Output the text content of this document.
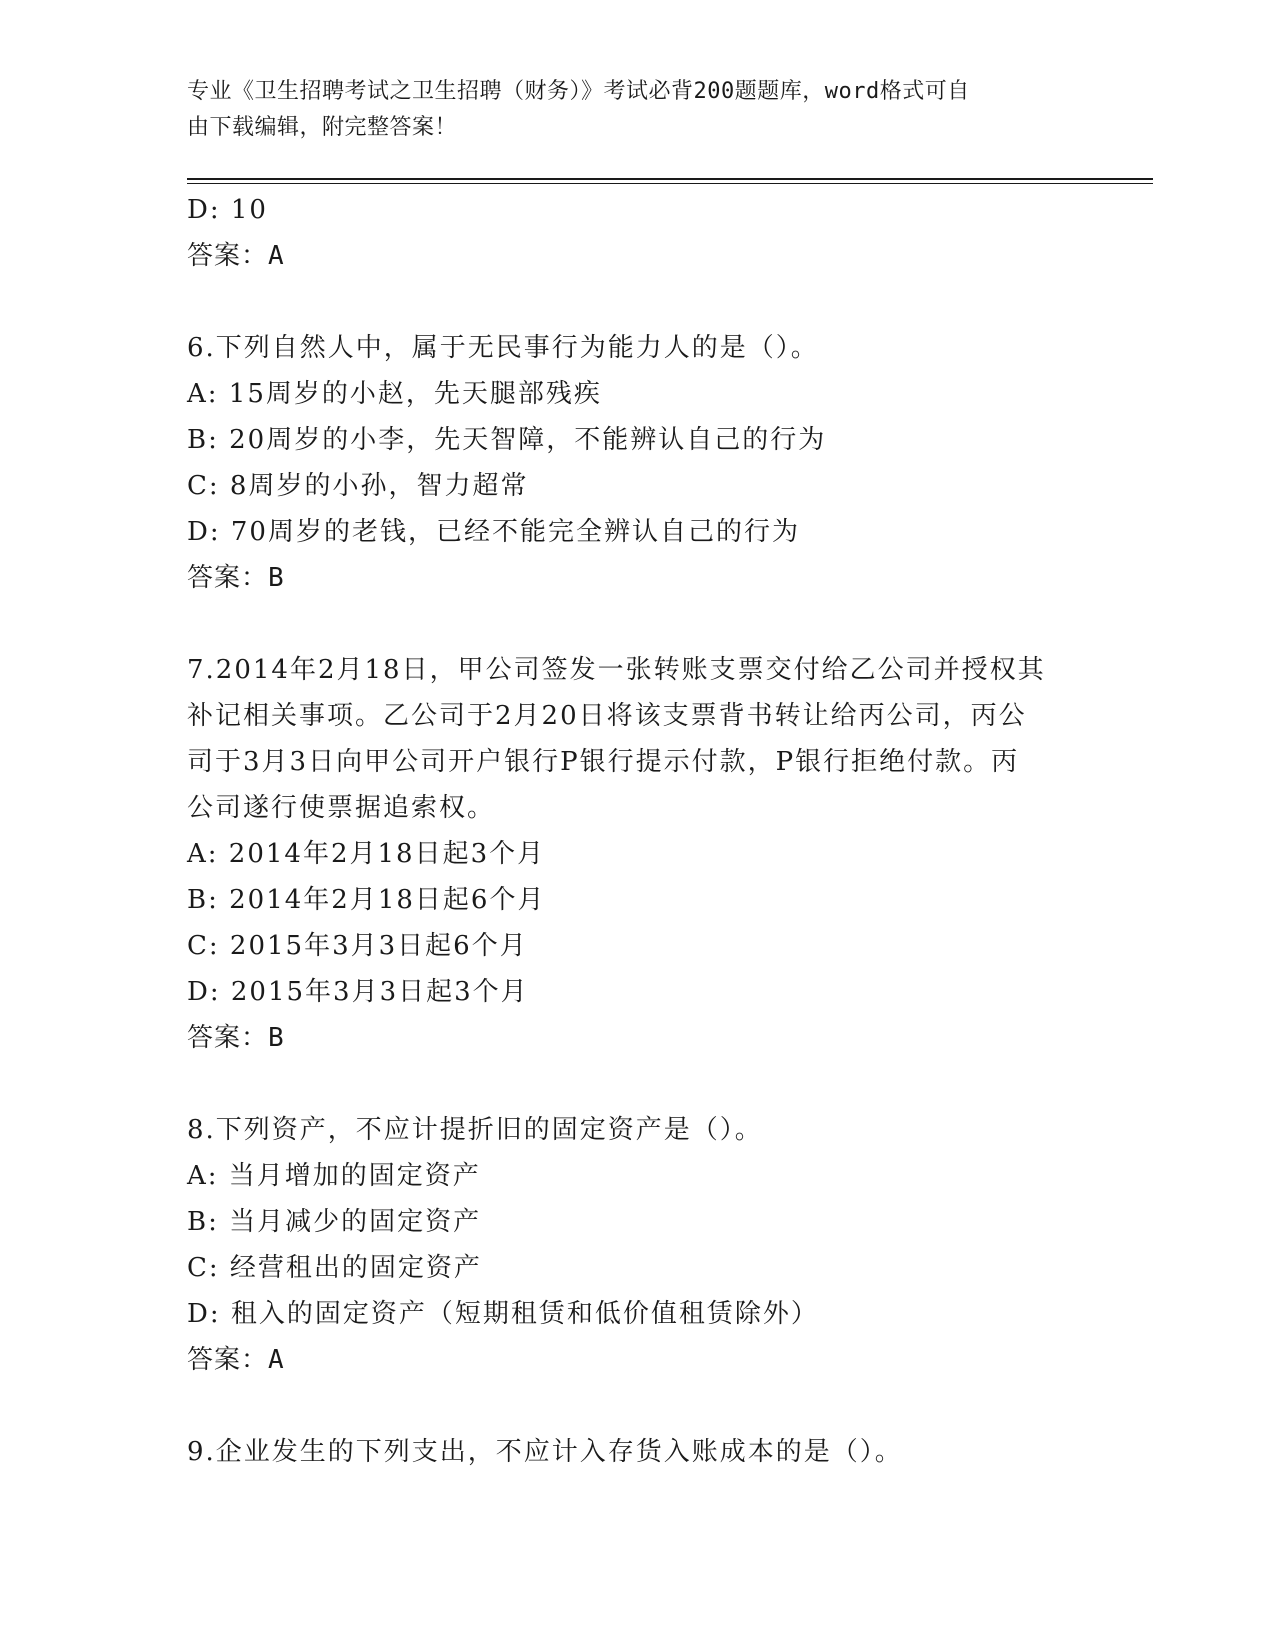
专业《卫生招聘考试之卫生招聘（财务）》考试必背200题题库，word格式可自
由下载编辑，附完整答案！
D: 10
答案：A
6.下列自然人中，属于无民事行为能力人的是（）。
A: 15周岁的小赵，先天腿部残疾
B: 20周岁的小李，先天智障，不能辨认自己的行为
C: 8周岁的小孙，智力超常
D: 70周岁的老钱，已经不能完全辨认自己的行为
答案：B
7.2014年2月18日，甲公司签发一张转账支票交付给乙公司并授权其
补记相关事项。乙公司于2月20日将该支票背书转让给丙公司，丙公
司于3月3日向甲公司开户银行P银行提示付款，P银行拒绝付款。丙
公司遂行使票据追索权。
A: 2014年2月18日起3个月
B: 2014年2月18日起6个月
C: 2015年3月3日起6个月
D: 2015年3月3日起3个月
答案：B
8.下列资产，不应计提折旧的固定资产是（）。
A: 当月增加的固定资产
B: 当月减少的固定资产
C: 经营租出的固定资产
D: 租入的固定资产（短期租赁和低价值租赁除外）
答案：A
9.企业发生的下列支出，不应计入存货入账成本的是（）。
